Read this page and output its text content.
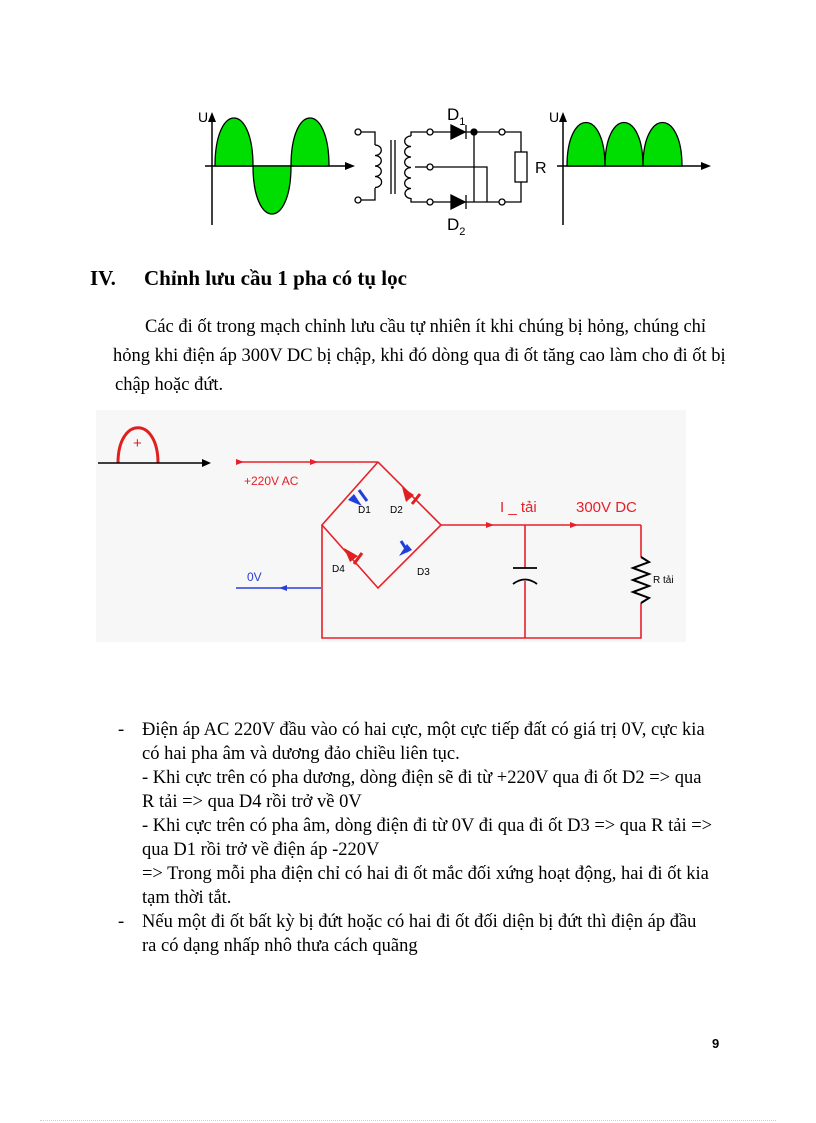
U	$D_1$
$D_2$
R
U
IV. Chỉnh lưu cầu 1 pha có tụ lọc
Các đi ốt trong mạch chỉnh lưu cầu tự nhiên ít khi chúng bị hỏng, chúng chỉ
hỏng khi điện áp 300V DC bị chập, khi đó dòng qua đi ốt tăng cao làm cho đi ốt bị
chập hoặc đứt.
+
+220V AC
0V
D1 D2
D3
D4
I _ tải	300V DC
R tải
- Điện áp AC 220V đầu vào có hai cực, một cực tiếp đất có giá trị 0V, cực kia
có hai pha âm và dương đảo chiều liên tục.
- Khi cực trên có pha dương, dòng điện sẽ đi từ +220V qua đi ốt D2 => qua
R tải => qua D4 rồi trở về 0V
- Khi cực trên có pha âm, dòng điện đi từ 0V đi qua đi ốt D3 => qua R tải =>
qua D1 rồi trở về điện áp -220V
=> Trong mỗi pha điện chỉ có hai đi ốt mắc đối xứng hoạt động, hai đi ốt kia
tạm thời tắt.
- Nếu một đi ốt bất kỳ bị đứt hoặc có hai đi ốt đối diện bị đứt thì điện áp đầu
ra có dạng nhấp nhô thưa cách quãng
9
